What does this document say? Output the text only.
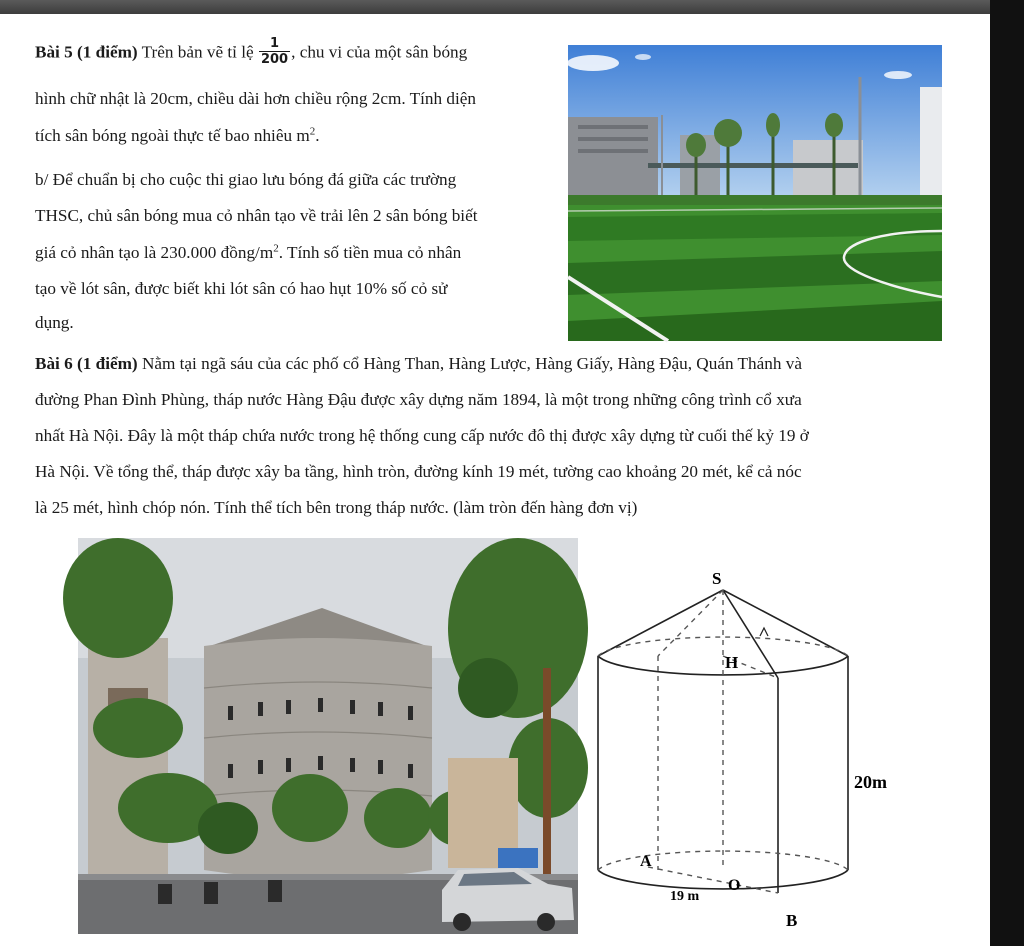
Bài 5 (1 điểm) Trên bản vẽ tỉ lệ $\frac{1}{200}$ , chu vi của một sân bóng
hình chữ nhật là 20cm, chiều dài hơn chiều rộng 2cm. Tính diện
tích sân bóng ngoài thực tế bao nhiêu $m^2$.
b/ Để chuẩn bị cho cuộc thi giao lưu bóng đá giữa các trường
THSC, chủ sân bóng mua cỏ nhân tạo về trải lên 2 sân bóng biết
giá cỏ nhân tạo là 230.000 đồng/$m^2$. Tính số tiền mua cỏ nhân
tạo về lót sân, được biết khi lót sân có hao hụt 10% số cỏ sử
dụng.
Bài 6 (1 điểm) Nằm tại ngã sáu của các phố cổ Hàng Than, Hàng Lược, Hàng Giấy, Hàng Đậu, Quán Thánh và
đường Phan Đình Phùng, tháp nước Hàng Đậu được xây dựng năm 1894, là một trong những công trình cổ xưa
nhất Hà Nội. Đây là một tháp chứa nước trong hệ thống cung cấp nước đô thị được xây dựng từ cuối thế kỷ 19 ở
Hà Nội. Về tổng thể, tháp được xây ba tầng, hình tròn, đường kính 19 mét, tường cao khoảng 20 mét, kể cả nóc
là 25 mét, hình chóp nón. Tính thể tích bên trong tháp nước. (làm tròn đến hàng đơn vị)
S
H
A
O
B
20m
19 m
